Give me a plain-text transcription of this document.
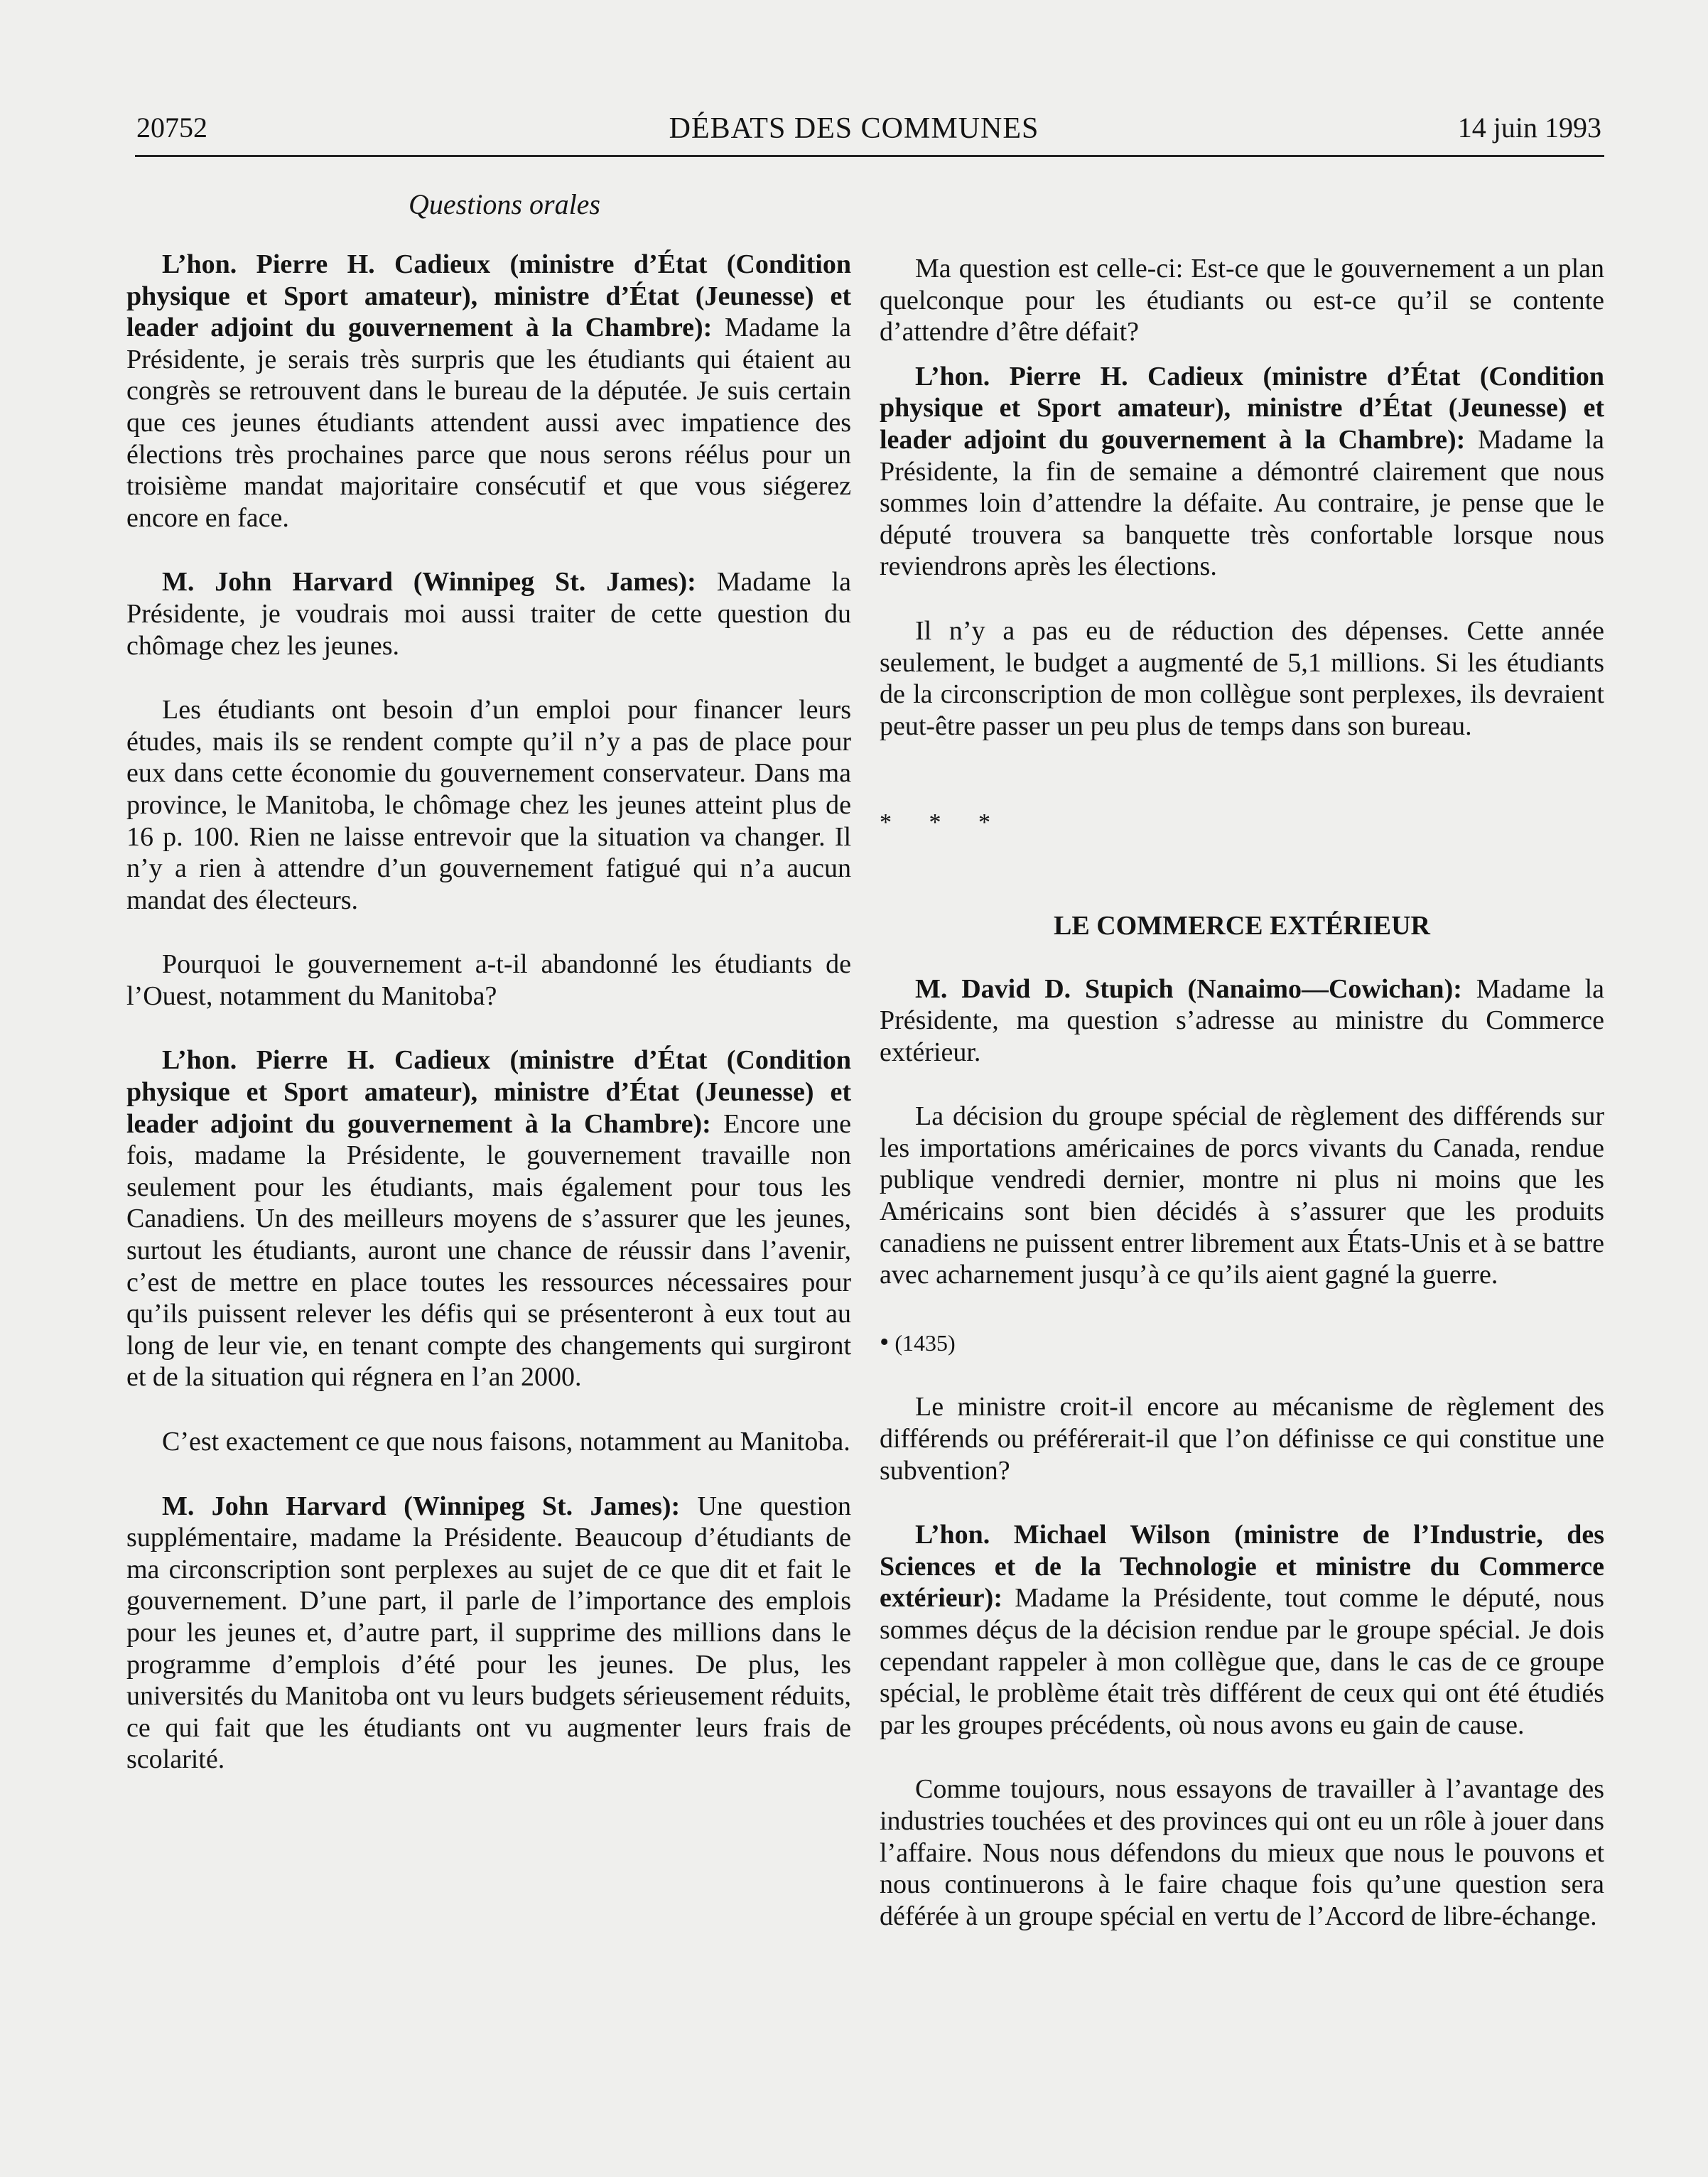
20752	DÉBATS DES COMMUNES	14 juin 1993
Questions orales

L’hon. Pierre H. Cadieux (ministre d’État (Condition physique et Sport amateur), ministre d’État (Jeunesse) et leader adjoint du gouvernement à la Chambre): Madame la Présidente, je serais très surpris que les étudiants qui étaient au congrès se retrouvent dans le bureau de la députée. Je suis certain que ces jeunes étudiants attendent aussi avec impatience des élections très prochaines parce que nous serons réélus pour un troisième mandat majoritaire consécutif et que vous siégerez encore en face.

M. John Harvard (Winnipeg St. James): Madame la Présidente, je voudrais moi aussi traiter de cette question du chômage chez les jeunes.

Les étudiants ont besoin d’un emploi pour financer leurs études, mais ils se rendent compte qu’il n’y a pas de place pour eux dans cette économie du gouvernement conservateur. Dans ma province, le Manitoba, le chômage chez les jeunes atteint plus de 16 p. 100. Rien ne laisse entrevoir que la situation va changer. Il n’y a rien à attendre d’un gouvernement fatigué qui n’a aucun mandat des électeurs.

Pourquoi le gouvernement a-t-il abandonné les étudiants de l’Ouest, notamment du Manitoba?

L’hon. Pierre H. Cadieux (ministre d’État (Condition physique et Sport amateur), ministre d’État (Jeunesse) et leader adjoint du gouvernement à la Chambre): Encore une fois, madame la Présidente, le gouvernement travaille non seulement pour les étudiants, mais également pour tous les Canadiens. Un des meilleurs moyens de s’assurer que les jeunes, surtout les étudiants, auront une chance de réussir dans l’avenir, c’est de mettre en place toutes les ressources nécessaires pour qu’ils puissent relever les défis qui se présenteront à eux tout au long de leur vie, en tenant compte des changements qui surgiront et de la situation qui régnera en l’an 2000.

C’est exactement ce que nous faisons, notamment au Manitoba.

M. John Harvard (Winnipeg St. James): Une question supplémentaire, madame la Présidente. Beaucoup d’étudiants de ma circonscription sont perplexes au sujet de ce que dit et fait le gouvernement. D’une part, il parle de l’importance des emplois pour les jeunes et, d’autre part, il supprime des millions dans le programme d’emplois d’été pour les jeunes. De plus, les universités du Manitoba ont vu leurs budgets sérieusement réduits, ce qui fait que les étudiants ont vu augmenter leurs frais de scolarité.

Ma question est celle-ci: Est-ce que le gouvernement a un plan quelconque pour les étudiants ou est-ce qu’il se contente d’attendre d’être défait?

L’hon. Pierre H. Cadieux (ministre d’État (Condition physique et Sport amateur), ministre d’État (Jeunesse) et leader adjoint du gouvernement à la Chambre): Madame la Présidente, la fin de semaine a démontré clairement que nous sommes loin d’attendre la défaite. Au contraire, je pense que le député trouvera sa banquette très confortable lorsque nous reviendrons après les élections.

Il n’y a pas eu de réduction des dépenses. Cette année seulement, le budget a augmenté de 5,1 millions. Si les étudiants de la circonscription de mon collègue sont perplexes, ils devraient peut-être passer un peu plus de temps dans son bureau.

* * *

LE COMMERCE EXTÉRIEUR

M. David D. Stupich (Nanaimo—Cowichan): Madame la Présidente, ma question s’adresse au ministre du Commerce extérieur.

La décision du groupe spécial de règlement des différends sur les importations américaines de porcs vivants du Canada, rendue publique vendredi dernier, montre ni plus ni moins que les Américains sont bien décidés à s’assurer que les produits canadiens ne puissent entrer librement aux États-Unis et à se battre avec acharnement jusqu’à ce qu’ils aient gagné la guerre.

• (1435)

Le ministre croit-il encore au mécanisme de règlement des différends ou préférerait-il que l’on définisse ce qui constitue une subvention?

L’hon. Michael Wilson (ministre de l’Industrie, des Sciences et de la Technologie et ministre du Commerce extérieur): Madame la Présidente, tout comme le député, nous sommes déçus de la décision rendue par le groupe spécial. Je dois cependant rappeler à mon collègue que, dans le cas de ce groupe spécial, le problème était très différent de ceux qui ont été étudiés par les groupes précédents, où nous avons eu gain de cause.

Comme toujours, nous essayons de travailler à l’avantage des industries touchées et des provinces qui ont eu un rôle à jouer dans l’affaire. Nous nous défendons du mieux que nous le pouvons et nous continuerons à le faire chaque fois qu’une question sera déférée à un groupe spécial en vertu de l’Accord de libre-échange.
